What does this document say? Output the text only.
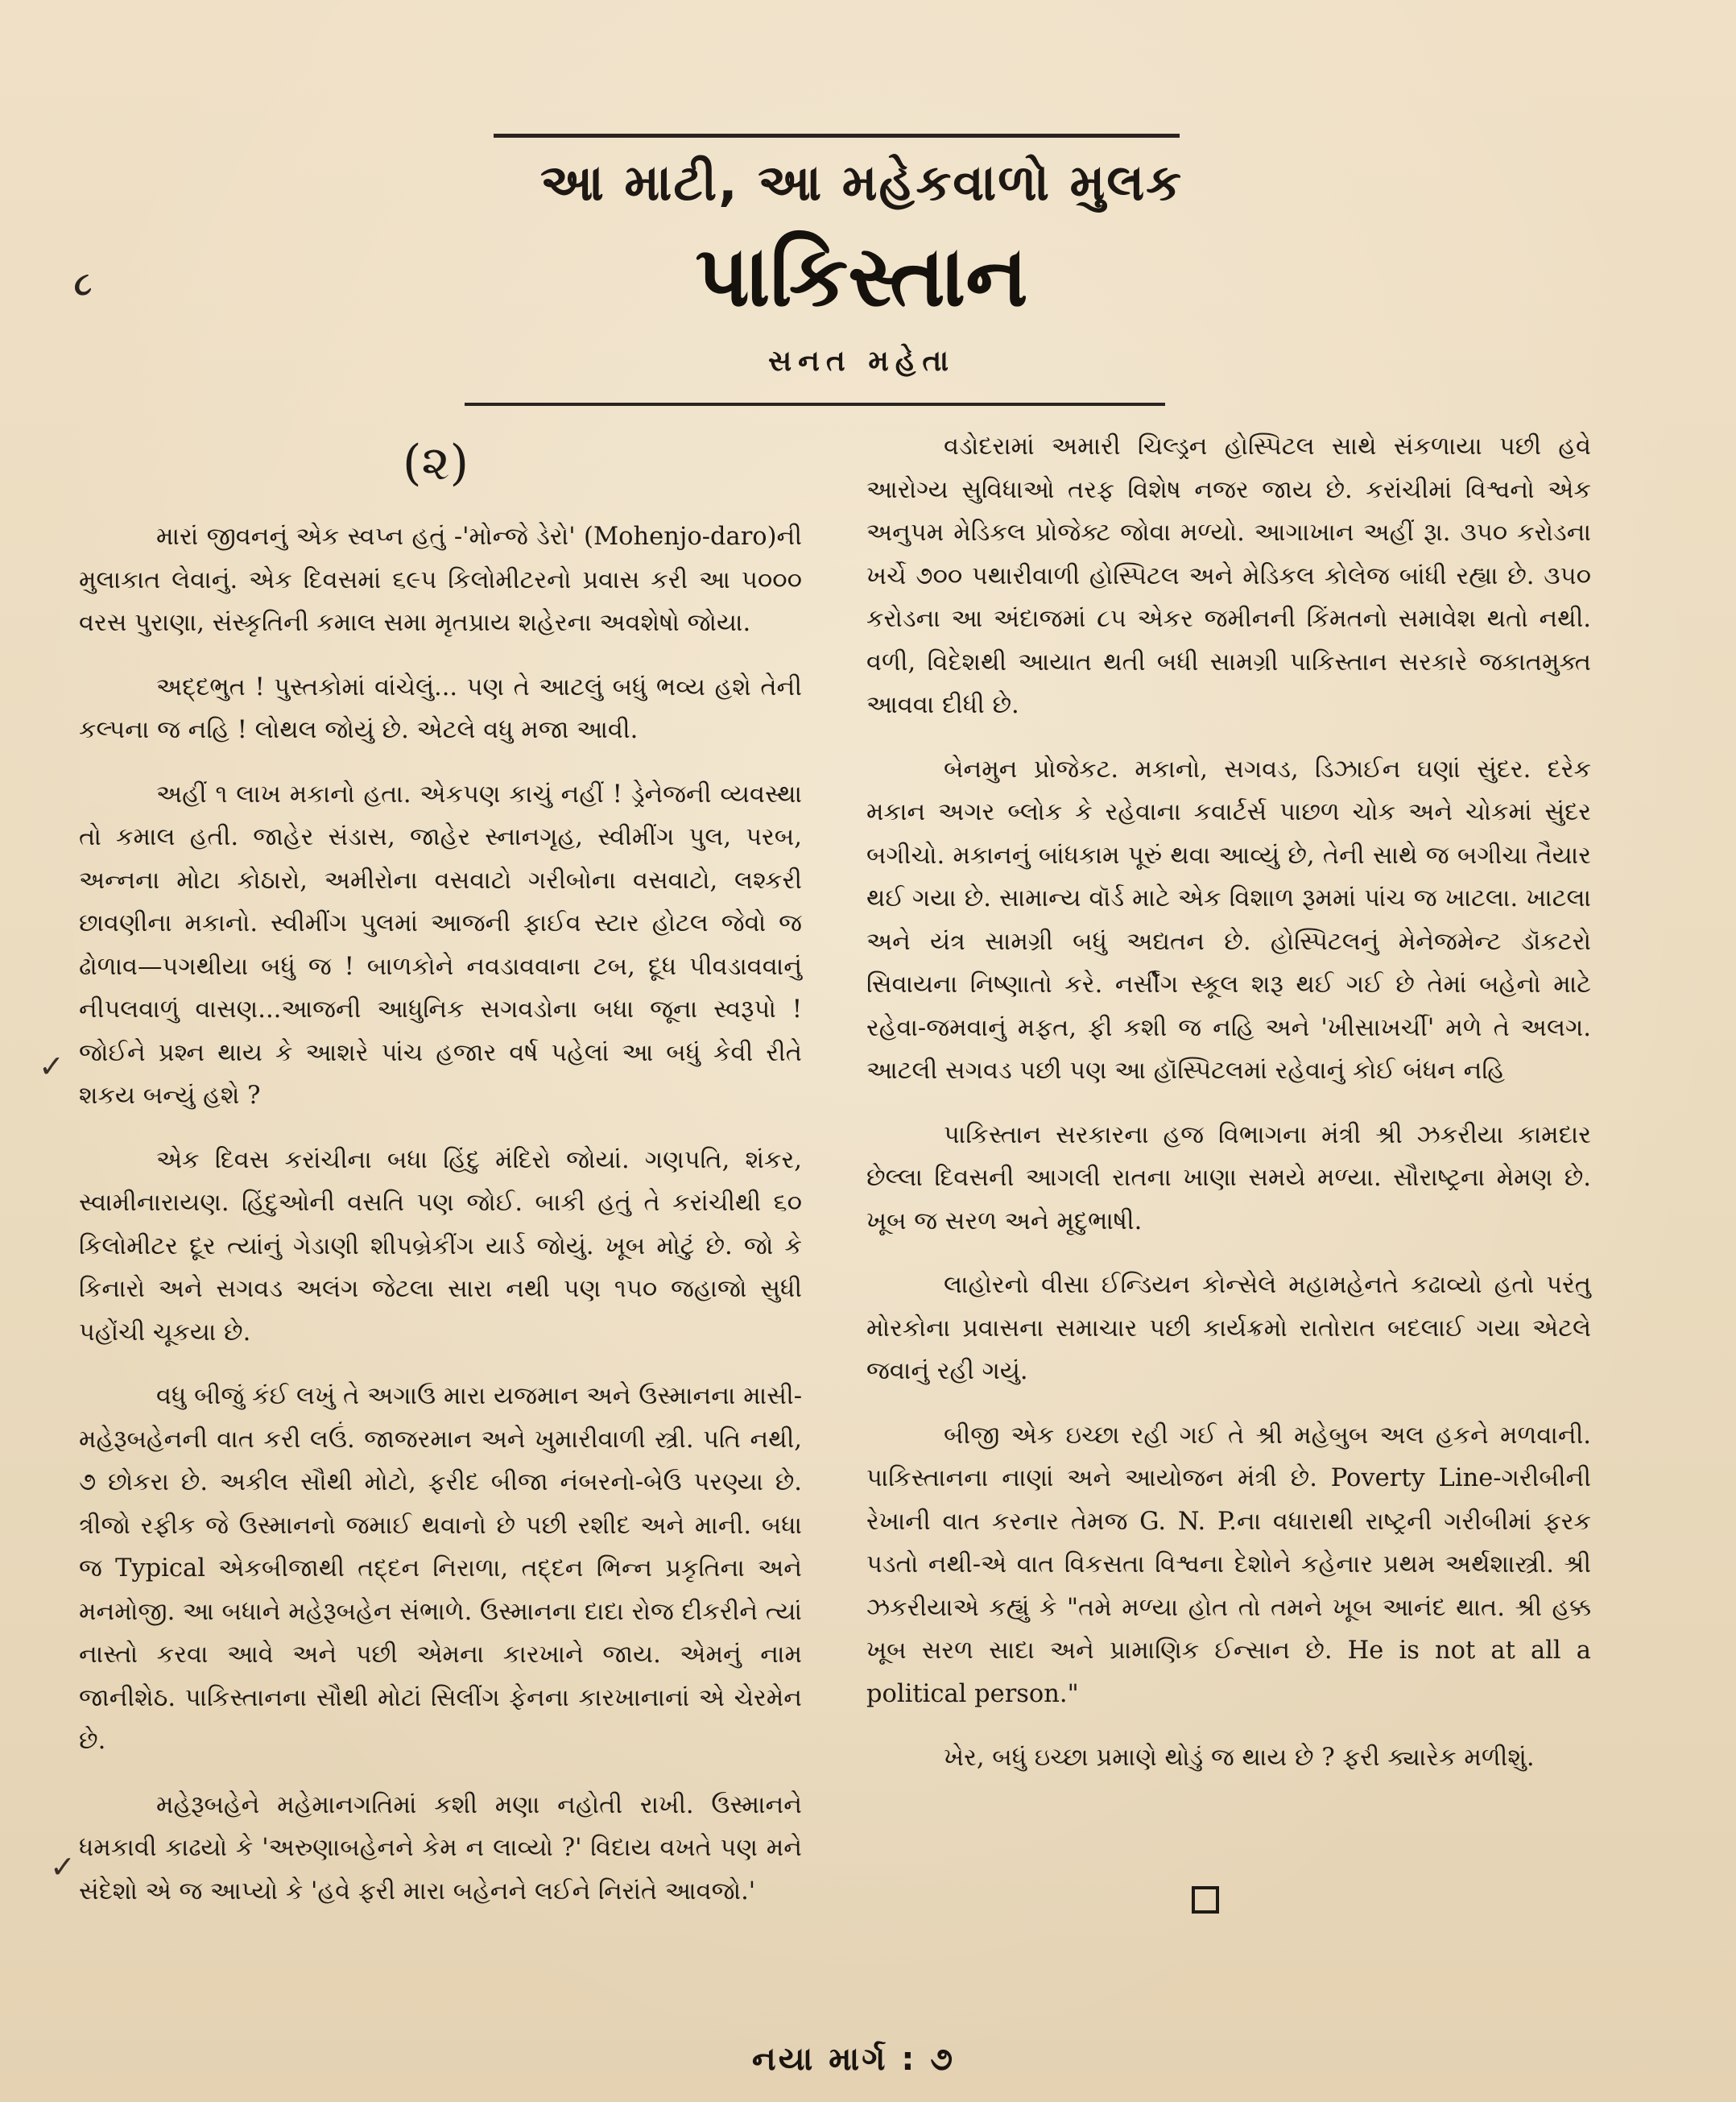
આ માટી, આ મહેકવાળો મુલક
પાકિસ્તાન
સનત મહેતા
૮
(૨)

મારાં જીવનનું એક સ્વપ્ન હતું -'મોન્જે ડેરો' (Mohenjo-daro)ની મુલાકાત લેવાનું. એક દિવસમાં ૬૯૫ કિલોમીટરનો પ્રવાસ કરી આ ૫૦૦૦ વરસ પુરાણા, સંસ્કૃતિની કમાલ સમા મૃતપ્રાય શહેરના અવશેષો જોયા.

અદ્દભુત ! પુસ્તકોમાં વાંચેલું... પણ તે આટલું બધું ભવ્ય હશે તેની કલ્પના જ નહિ ! લોથલ જોયું છે. એટલે વધુ મજા આવી.

અહીં ૧ લાખ મકાનો હતા. એકપણ કાચું નહીં ! ડ્રેનેજની વ્યવસ્થા તો કમાલ હતી. જાહેર સંડાસ, જાહેર સ્નાનગૃહ, સ્વીમીંગ પુલ, પરબ, અન્નના મોટા કોઠારો, અમીરોના વસવાટો ગરીબોના વસવાટો, લશ્કરી છાવણીના મકાનો. સ્વીમીંગ પુલમાં આજની ફાઈવ સ્ટાર હોટલ જેવો જ ઢોળાવ—પગથીયા બધું જ ! બાળકોને નવડાવવાના ટબ, દૂધ પીવડાવવાનું નીપલવાળું વાસણ...આજની આધુનિક સગવડોના બધા જૂના સ્વરૂપો ! જોઈને પ્રશ્ન થાય કે આશરે પાંચ હજાર વર્ષ પહેલાં આ બધું કેવી રીતે શકય બન્યું હશે ?

એક દિવસ કરાંચીના બધા હિંદુ મંદિરો જોયાં. ગણપતિ, શંકર, સ્વામીનારાયણ. હિંદુઓની વસતિ પણ જોઈ. બાકી હતું તે કરાંચીથી ૬૦ કિલોમીટર દૂર ત્યાંનું ગેડાણી શીપબ્રેકીંગ યાર્ડ જોયું. ખૂબ મોટું છે. જો કે કિનારો અને સગવડ અલંગ જેટલા સારા નથી પણ ૧૫૦ જહાજો સુધી પહોંચી ચૂકયા છે.

વધુ બીજું કંઈ લખું તે અગાઉ મારા યજમાન અને ઉસ્માનના માસી-મહેરૂબહેનની વાત કરી લઉં. જાજરમાન અને ખુમારીવાળી સ્ત્રી. પતિ નથી, ૭ છોકરા છે. અકીલ સૌથી મોટો, ફરીદ બીજા નંબરનો-બેઉ પરણ્યા છે. ત્રીજો રફીક જે ઉસ્માનનો જમાઈ થવાનો છે પછી રશીદ અને માની. બધા જ Typical એકબીજાથી તદ્દન નિરાળા, તદ્દન ભિન્ન પ્રકૃતિના અને મનમોજી. આ બધાને મહેરૂબહેન સંભાળે. ઉસ્માનના દાદા રોજ દીકરીને ત્યાં નાસ્તો કરવા આવે અને પછી એમના કારખાને જાય. એમનું નામ જાનીશેઠ. પાકિસ્તાનના સૌથી મોટાં સિલીંગ ફેનના કારખાનાનાં એ ચેરમેન છે.

મહેરૂબહેને મહેમાનગતિમાં કશી મણા નહોતી રાખી. ઉસ્માનને ધમકાવી કાઢયો કે 'અરુણાબહેનને કેમ ન લાવ્યો ?' વિદાય વખતે પણ મને સંદેશો એ જ આપ્યો કે 'હવે ફરી મારા બહેનને લઈને નિરાંતે આવજો.'

વડોદરામાં અમારી ચિલ્ડ્રન હોસ્પિટલ સાથે સંકળાયા પછી હવે આરોગ્ય સુવિધાઓ તરફ વિશેષ નજર જાય છે. કરાંચીમાં વિશ્વનો એક અનુપમ મેડિકલ પ્રોજેક્ટ જોવા મળ્યો. આગાખાન અહીં રૂા. ૩૫૦ કરોડના ખર્ચે ૭૦૦ પથારીવાળી હોસ્પિટલ અને મેડિકલ કોલેજ બાંધી રહ્યા છે. ૩૫૦ કરોડના આ અંદાજમાં ૮૫ એકર જમીનની કિંમતનો સમાવેશ થતો નથી. વળી, વિદેશથી આયાત થતી બધી સામગ્રી પાકિસ્તાન સરકારે જકાતમુક્ત આવવા દીધી છે.

બેનમુન પ્રોજેકટ. મકાનો, સગવડ, ડિઝાઈન ઘણાં સુંદર. દરેક મકાન અગર બ્લોક કે રહેવાના કવાર્ટર્સ પાછળ ચોક અને ચોકમાં સુંદર બગીચો. મકાનનું બાંધકામ પૂરું થવા આવ્યું છે, તેની સાથે જ બગીચા તૈયાર થઈ ગયા છે. સામાન્ય વૉર્ડ માટે એક વિશાળ રૂમમાં પાંચ જ ખાટલા. ખાટલા અને યંત્ર સામગ્રી બધું અદ્યતન છે. હોસ્પિટલનું મેનેજમેન્ટ ડૉકટરો સિવાયના નિષ્ણાતો કરે. નર્સીંગ સ્કૂલ શરૂ થઈ ગઈ છે તેમાં બહેનો માટે રહેવા-જમવાનું મફત, ફી કશી જ નહિ અને 'ખીસાખર્ચી' મળે તે અલગ. આટલી સગવડ પછી પણ આ હૉસ્પિટલમાં રહેવાનું કોઈ બંધન નહિ

પાકિસ્તાન સરકારના હજ વિભાગના મંત્રી શ્રી ઝકરીયા કામદાર છેલ્લા દિવસની આગલી રાતના ખાણા સમયે મળ્યા. સૌરાષ્ટ્રના મેમણ છે. ખૂબ જ સરળ અને મૃદુભાષી.

લાહોરનો વીસા ઈન્ડિયન કોન્સેલે મહામહેનતે કઢાવ્યો હતો પરંતુ મોરકોના પ્રવાસના સમાચાર પછી કાર્યક્રમો રાતોરાત બદલાઈ ગયા એટલે જવાનું રહી ગયું.

બીજી એક ઇચ્છા રહી ગઈ તે શ્રી મહેબુબ અલ હકને મળવાની. પાકિસ્તાનના નાણાં અને આયોજન મંત્રી છે. Poverty Line-ગરીબીની રેખાની વાત કરનાર તેમજ G. N. P.ના વધારાથી રાષ્ટ્રની ગરીબીમાં ફરક પડતો નથી-એ વાત વિકસતા વિશ્વના દેશોને કહેનાર પ્રથમ અર્થશાસ્ત્રી. શ્રી ઝકરીયાએ કહ્યું કે "તમે મળ્યા હોત તો તમને ખૂબ આનંદ થાત. શ્રી હક્ક ખૂબ સરળ સાદા અને પ્રામાણિક ઈન્સાન છે. He is not at all a political person."

ખેર, બધું ઇચ્છા પ્રમાણે થોડું જ થાય છે ? ફરી ક્યારેક મળીશું.

✓
✓
નયા માર્ગ : ૭
